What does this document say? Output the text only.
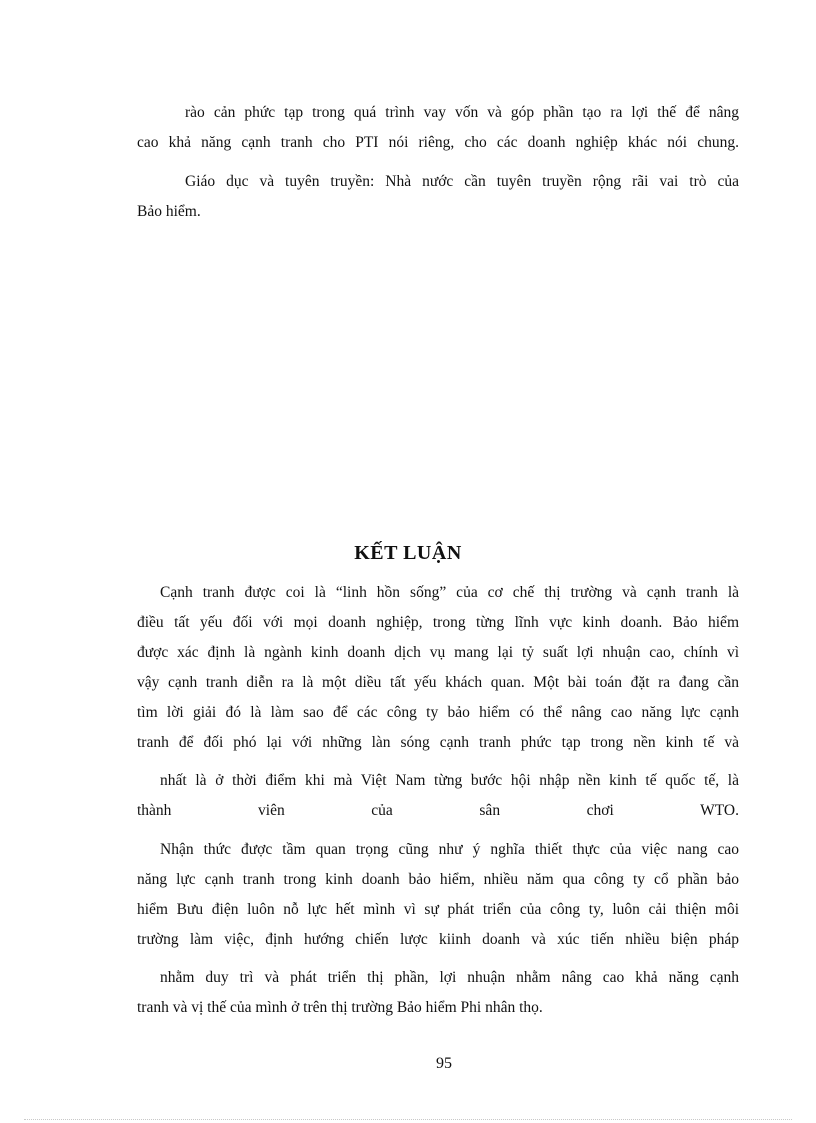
rào cản phức tạp trong quá trình vay vốn và góp phần tạo ra lợi thế để nâng
cao khả năng cạnh tranh cho PTI nói riêng, cho các doanh nghiệp khác nói chung.
Giáo dục và tuyên truyền: Nhà nước cần tuyên truyền rộng rãi vai trò của
Bảo hiểm.
KẾT LUẬN
Cạnh tranh được coi là “linh hồn sống” của cơ chế thị trường và cạnh tranh là
điều tất yếu đối với mọi doanh nghiệp, trong từng lĩnh vực kinh doanh. Bảo hiểm
được xác định là ngành kinh doanh dịch vụ mang lại tỷ suất lợi nhuận cao, chính vì
vậy cạnh tranh diễn ra là một diều tất yếu khách quan. Một bài toán đặt ra đang cần
tìm lời giải đó là làm sao để các công ty bảo hiểm có thể nâng cao năng lực cạnh
tranh để đối phó lại với những làn sóng cạnh tranh phức tạp trong nền kinh tế và
nhất là ở thời điểm khi mà Việt Nam từng bước hội nhập nền kinh tế quốc tế, là
thành viên của sân chơi WTO.
Nhận thức được tầm quan trọng cũng như ý nghĩa thiết thực của việc nang cao
năng lực cạnh tranh trong kinh doanh bảo hiểm, nhiều năm qua công ty cổ phần bảo
hiểm Bưu điện luôn nỗ lực hết mình vì sự phát triển của công ty, luôn cải thiện môi
trường làm việc, định hướng chiến lược kiinh doanh và xúc tiến nhiều biện pháp
nhằm duy trì và phát triển thị phần, lợi nhuận nhằm nâng cao khả năng cạnh
tranh và vị thế của mình ở trên thị trường Bảo hiểm Phi nhân thọ.
95
